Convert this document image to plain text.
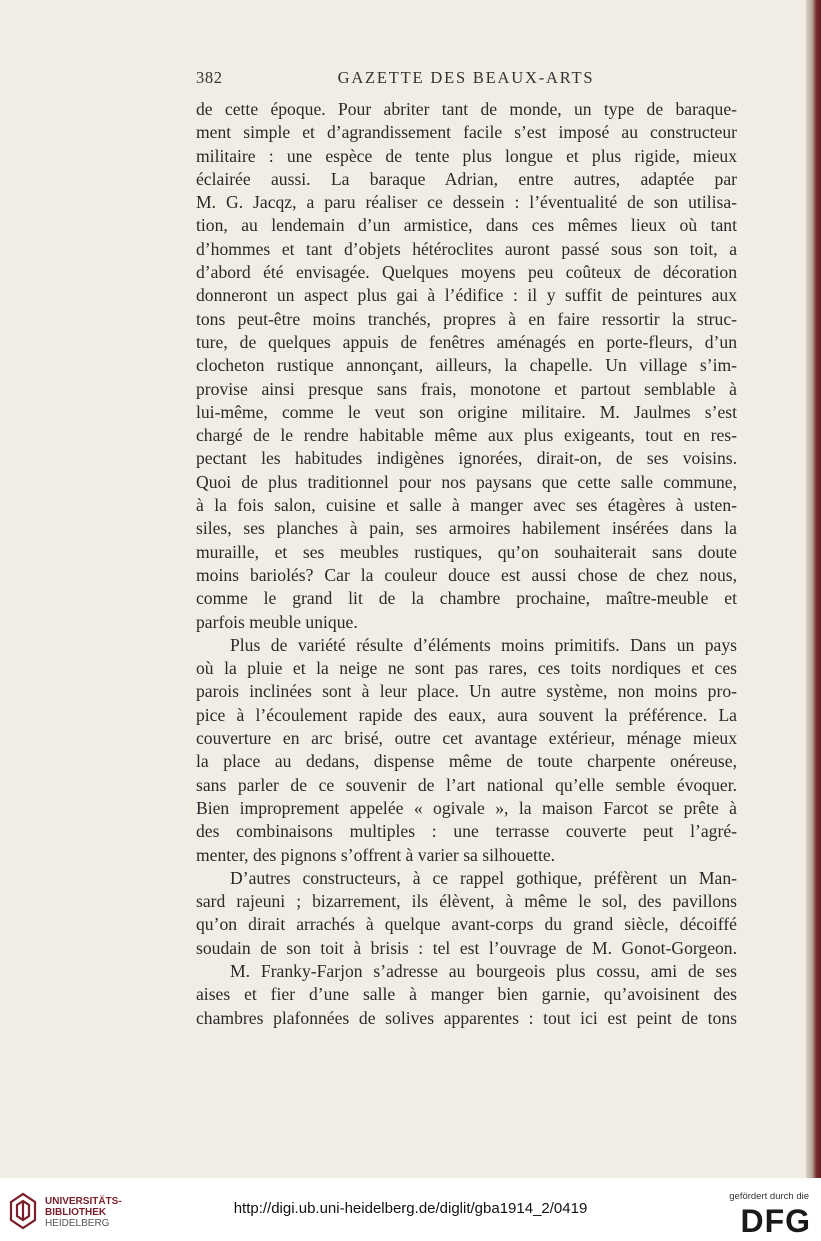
382	GAZETTE DES BEAUX-ARTS
de cette époque. Pour abriter tant de monde, un type de baraque-
ment simple et d’agrandissement facile s’est imposé au constructeur
militaire : une espèce de tente plus longue et plus rigide, mieux
éclairée aussi. La baraque Adrian, entre autres, adaptée par
M. G. Jacqz, a paru réaliser ce dessein : l’éventualité de son utilisa-
tion, au lendemain d’un armistice, dans ces mêmes lieux où tant
d’hommes et tant d’objets hétéroclites auront passé sous son toit, a
d’abord été envisagée. Quelques moyens peu coûteux de décoration
donneront un aspect plus gai à l’édifice : il y suffit de peintures aux
tons peut-être moins tranchés, propres à en faire ressortir la struc-
ture, de quelques appuis de fenêtres aménagés en porte-fleurs, d’un
clocheton rustique annonçant, ailleurs, la chapelle. Un village s’im-
provise ainsi presque sans frais, monotone et partout semblable à
lui-même, comme le veut son origine militaire. M. Jaulmes s’est
chargé de le rendre habitable même aux plus exigeants, tout en res-
pectant les habitudes indigènes ignorées, dirait-on, de ses voisins.
Quoi de plus traditionnel pour nos paysans que cette salle commune,
à la fois salon, cuisine et salle à manger avec ses étagères à usten-
siles, ses planches à pain, ses armoires habilement insérées dans la
muraille, et ses meubles rustiques, qu’on souhaiterait sans doute
moins bariolés? Car la couleur douce est aussi chose de chez nous,
comme le grand lit de la chambre prochaine, maître-meuble et
parfois meuble unique.
Plus de variété résulte d’éléments moins primitifs. Dans un pays
où la pluie et la neige ne sont pas rares, ces toits nordiques et ces
parois inclinées sont à leur place. Un autre système, non moins pro-
pice à l’écoulement rapide des eaux, aura souvent la préférence. La
couverture en arc brisé, outre cet avantage extérieur, ménage mieux
la place au dedans, dispense même de toute charpente onéreuse,
sans parler de ce souvenir de l’art national qu’elle semble évoquer.
Bien improprement appelée « ogivale », la maison Farcot se prête à
des combinaisons multiples : une terrasse couverte peut l’agré-
menter, des pignons s’offrent à varier sa silhouette.
D’autres constructeurs, à ce rappel gothique, préfèrent un Man-
sard rajeuni ; bizarrement, ils élèvent, à même le sol, des pavillons
qu’on dirait arrachés à quelque avant-corps du grand siècle, décoiffé
soudain de son toit à brisis : tel est l’ouvrage de M. Gonot-Gorgeon.
M. Franky-Farjon s’adresse au bourgeois plus cossu, ami de ses
aises et fier d’une salle à manger bien garnie, qu’avoisinent des
chambres plafonnées de solives apparentes : tout ici est peint de tons
UNIVERSITÄTS-
BIBLIOTHEK
HEIDELBERG
http://digi.ub.uni-heidelberg.de/diglit/gba1914_2/0419
gefördert durch die
DFG
